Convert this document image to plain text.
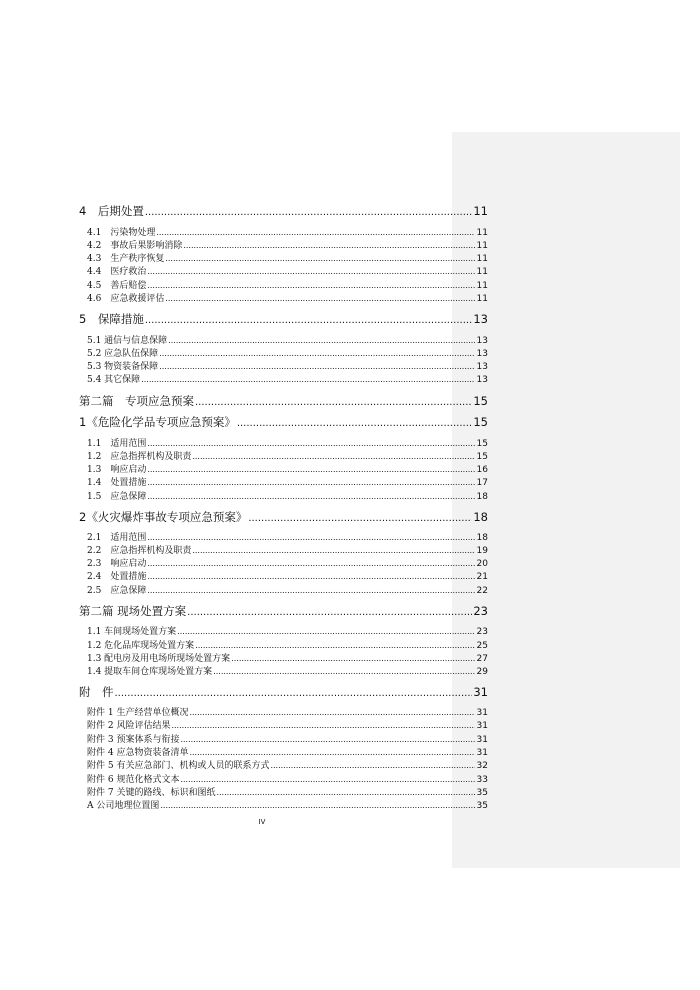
4　后期处置 .....	11
4.1　污染物处理 .....	11
4.2　事故后果影响消除 .....	11
4.3　生产秩序恢复 .....	11
4.4　医疗救治 .....	11
4.5　善后赔偿 .....	11
4.6　应急救援评估 .....	11
5　保障措施 .....	13
5.1 通信与信息保障 .....	13
5.2 应急队伍保障 .....	13
5.3 物资装备保障 .....	13
5.4 其它保障 .....	13
第二篇　专项应急预案 .....	15
1《危险化学品专项应急预案》 .....	15
1.1　适用范围 .....	15
1.2　应急指挥机构及职责 .....	15
1.3　响应启动 .....	16
1.4　处置措施 .....	17
1.5　应急保障 .....	18
2《火灾爆炸事故专项应急预案》 .....	18
2.1　适用范围 .....	18
2.2　应急指挥机构及职责 .....	19
2.3　响应启动 .....	20
2.4　处置措施 .....	21
2.5　应急保障 .....	22
第二篇 现场处置方案 .....	23
1.1 车间现场处置方案 .....	23
1.2 危化品库现场处置方案 .....	25
1.3 配电房及用电场所现场处置方案 .....	27
1.4 提取车间仓库现场处置方案 .....	29
附　件 .....	31
附件 1 生产经营单位概况 .....	31
附件 2 风险评估结果 .....	31
附件 3 预案体系与衔接 .....	31
附件 4 应急物资装备清单 .....	31
附件 5 有关应急部门、机构或人员的联系方式 .....	32
附件 6 规范化格式文本 .....	33
附件 7 关键的路线、标识和图纸 .....	35
A 公司地理位置图 .....	35
IV
